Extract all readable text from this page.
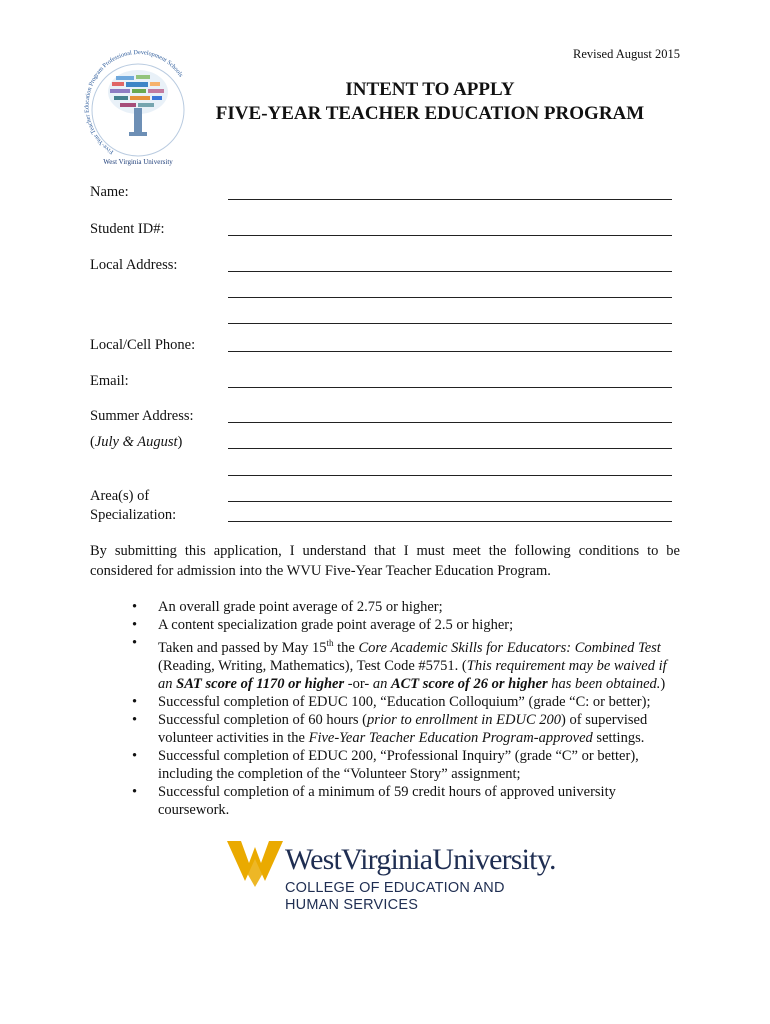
Revised August 2015
Five-Year Teacher Education Program Professional Development Schools
West Virginia University
INTENT TO APPLY
FIVE-YEAR TEACHER EDUCATION PROGRAM
Name:
Student ID#:
Local Address:
Local/Cell Phone:
Email:
Summer Address:
(July & August)
Area(s) of
Specialization:
By submitting this application, I understand that I must meet the following conditions to be
considered for admission into the WVU Five-Year Teacher Education Program.
• An overall grade point average of 2.75 or higher;
• A content specialization grade point average of 2.5 or higher;
• Taken and passed by May 15th the Core Academic Skills for Educators: Combined Test (Reading, Writing, Mathematics), Test Code #5751. (This requirement may be waived if an SAT score of 1170 or higher -or- an ACT score of 26 or higher has been obtained.)
• Successful completion of EDUC 100, “Education Colloquium” (grade “C: or better);
• Successful completion of 60 hours (prior to enrollment in EDUC 200) of supervised volunteer activities in the Five-Year Teacher Education Program-approved settings.
• Successful completion of EDUC 200, “Professional Inquiry” (grade “C” or better), including the completion of the “Volunteer Story” assignment;
• Successful completion of a minimum of 59 credit hours of approved university coursework.
WestVirginiaUniversity.
COLLEGE OF EDUCATION AND
HUMAN SERVICES
